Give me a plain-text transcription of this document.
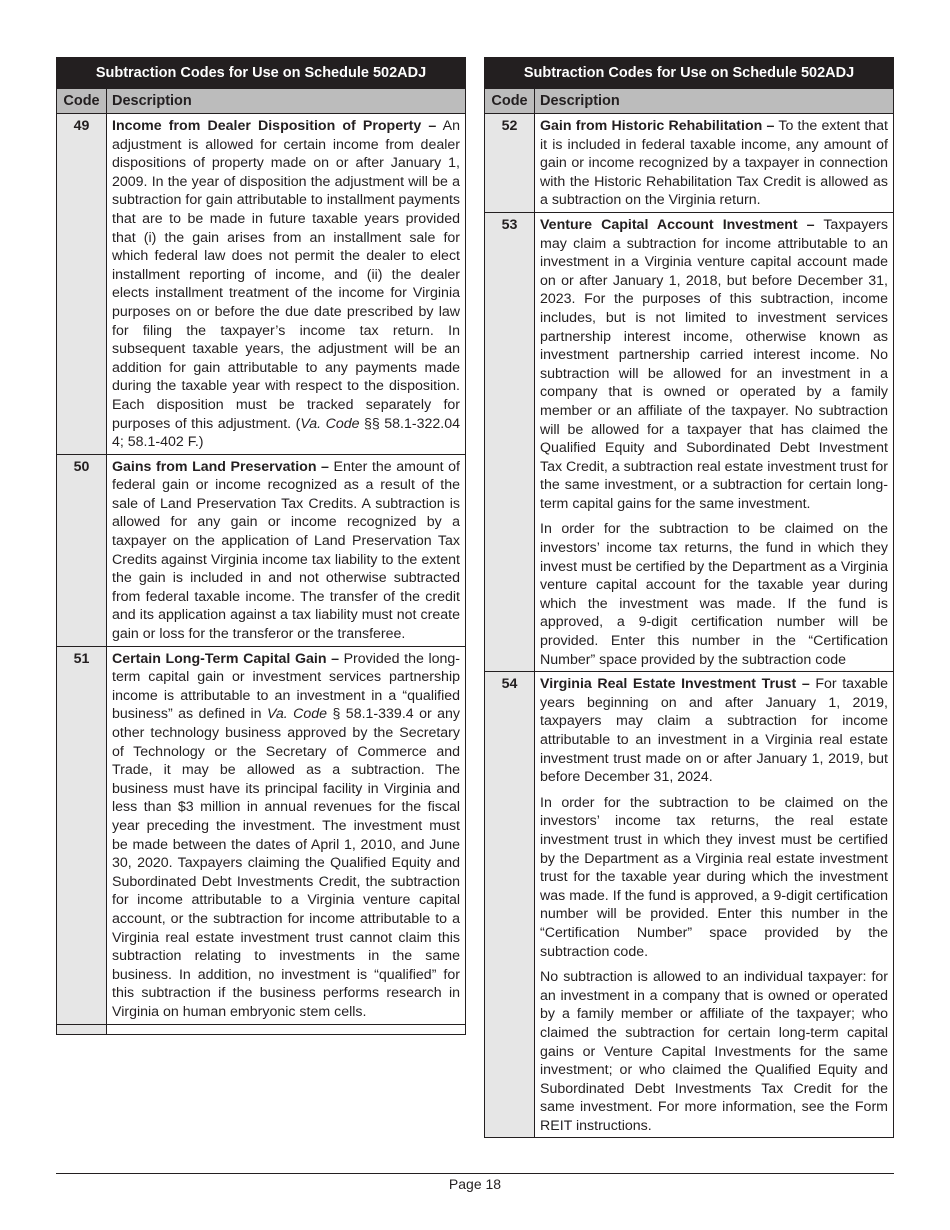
Subtraction Codes for Use on Schedule 502ADJ	
Code	Description
49	Income from Dealer Disposition of Property – An adjustment is allowed for certain income from dealer dispositions of property made on or after January 1, 2009. In the year of disposition the adjustment will be a subtraction for gain attributable to installment payments that are to be made in future taxable years provided that (i) the gain arises from an installment sale for which federal law does not permit the dealer to elect installment reporting of income, and (ii) the dealer elects installment treatment of the income for Virginia purposes on or before the due date prescribed by law for filing the taxpayer’s income tax return. In subsequent taxable years, the adjustment will be an addition for gain attributable to any payments made during the taxable year with respect to the disposition. Each disposition must be tracked separately for purposes of this adjustment. (Va. Code §§ 58.1-322.04 4; 58.1-402 F.)

50	Gains from Land Preservation – Enter the amount of federal gain or income recognized as a result of the sale of Land Preservation Tax Credits. A subtraction is allowed for any gain or income recognized by a taxpayer on the application of Land Preservation Tax Credits against Virginia income tax liability to the extent the gain is included in and not otherwise subtracted from federal taxable income. The transfer of the credit and its application against a tax liability must not create gain or loss for the transferor or the transferee.

51	Certain Long-Term Capital Gain – Provided the long-term capital gain or investment services partnership income is attributable to an investment in a “qualified business” as defined in Va. Code § 58.1-339.4 or any other technology business approved by the Secretary of Technology or the Secretary of Commerce and Trade, it may be allowed as a subtraction. The business must have its principal facility in Virginia and less than $3 million in annual revenues for the fiscal year preceding the investment. The investment must be made between the dates of April 1, 2010, and June 30, 2020. Taxpayers claiming the Qualified Equity and Subordinated Debt Investments Credit, the subtraction for income attributable to a Virginia venture capital account, or the subtraction for income attributable to a Virginia real estate investment trust cannot claim this subtraction relating to investments in the same business. In addition, no investment is “qualified” for this subtraction if the business performs research in Virginia on human embryonic stem cells.

Subtraction Codes for Use on Schedule 502ADJ	
Code	Description
52	Gain from Historic Rehabilitation – To the extent that it is included in federal taxable income, any amount of gain or income recognized by a taxpayer in connection with the Historic Rehabilitation Tax Credit is allowed as a subtraction on the Virginia return.

53	Venture Capital Account Investment – Taxpayers may claim a subtraction for income attributable to an investment in a Virginia venture capital account made on or after January 1, 2018, but before December 31, 2023. For the purposes of this subtraction, income includes, but is not limited to investment services partnership interest income, otherwise known as investment partnership carried interest income. No subtraction will be allowed for an investment in a company that is owned or operated by a family member or an affiliate of the taxpayer. No subtraction will be allowed for a taxpayer that has claimed the Qualified Equity and Subordinated Debt Investment Tax Credit, a subtraction real estate investment trust for the same investment, or a subtraction for certain long-term capital gains for the same investment.

In order for the subtraction to be claimed on the investors’ income tax returns, the fund in which they invest must be certified by the Department as a Virginia venture capital account for the taxable year during which the investment was made. If the fund is approved, a 9-digit certification number will be provided. Enter this number in the “Certification Number” space provided by the subtraction code

54	Virginia Real Estate Investment Trust – For taxable years beginning on and after January 1, 2019, taxpayers may claim a subtraction for income attributable to an investment in a Virginia real estate investment trust made on or after January 1, 2019, but before December 31, 2024.

In order for the subtraction to be claimed on the investors’ income tax returns, the real estate investment trust in which they invest must be certified by the Department as a Virginia real estate investment trust for the taxable year during which the investment was made. If the fund is approved, a 9-digit certification number will be provided. Enter this number in the “Certification Number” space provided by the subtraction code.

No subtraction is allowed to an individual taxpayer: for an investment in a company that is owned or operated by a family member or affiliate of the taxpayer; who claimed the subtraction for certain long-term capital gains or Venture Capital Investments for the same investment; or who claimed the Qualified Equity and Subordinated Debt Investments Tax Credit for the same investment. For more information, see the Form REIT instructions.

Page 18
